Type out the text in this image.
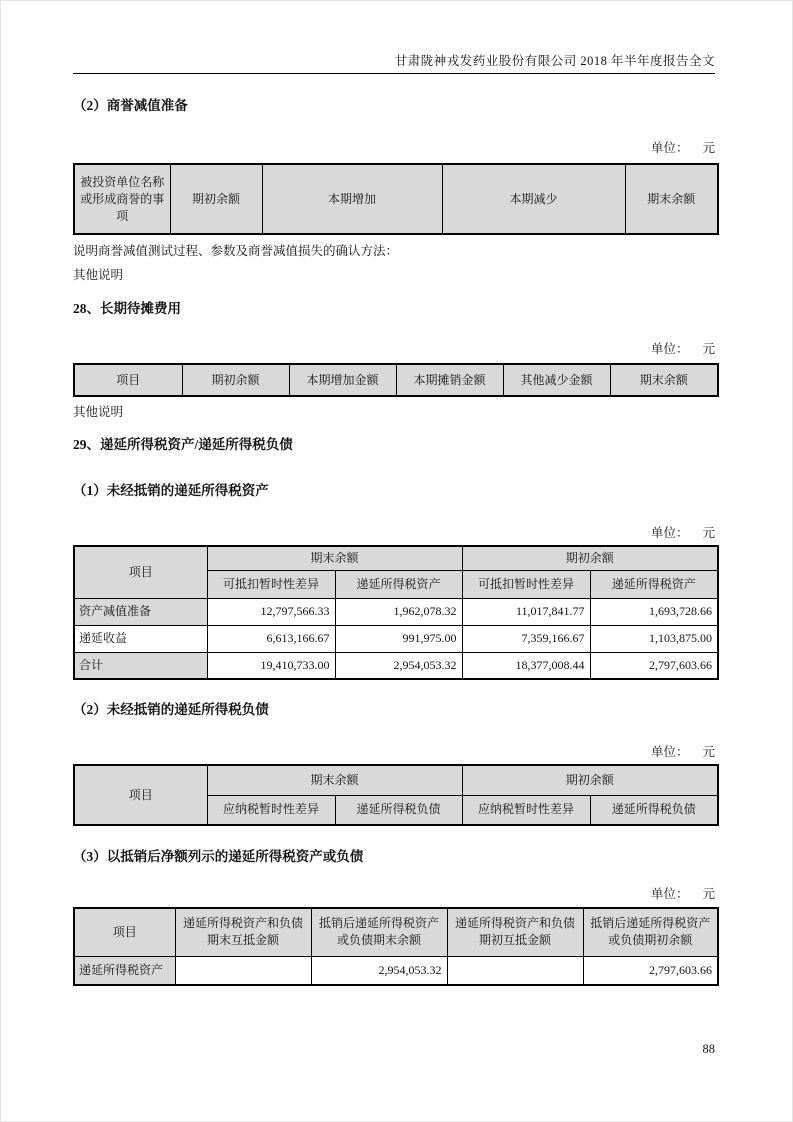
甘肃陇神戎发药业股份有限公司 2018 年半年度报告全文
（2）商誉减值准备
单位： 元
被投资单位名称或形成商誉的事项	期初余额	本期增加	本期减少	期末余额
说明商誉减值测试过程、参数及商誉减值损失的确认方法：
其他说明
28、长期待摊费用
单位： 元
项目	期初余额	本期增加金额	本期摊销金额	其他减少金额	期末余额
其他说明
29、递延所得税资产/递延所得税负债
（1）未经抵销的递延所得税资产
单位： 元
项目	期末余额		期初余额	
	可抵扣暂时性差异	递延所得税资产	可抵扣暂时性差异	递延所得税资产
资产减值准备	12,797,566.33	1,962,078.32	11,017,841.77	1,693,728.66
递延收益	6,613,166.67	991,975.00	7,359,166.67	1,103,875.00
合计	19,410,733.00	2,954,053.32	18,377,008.44	2,797,603.66
（2）未经抵销的递延所得税负债
单位： 元
项目	期末余额		期初余额	
	应纳税暂时性差异	递延所得税负债	应纳税暂时性差异	递延所得税负债
（3）以抵销后净额列示的递延所得税资产或负债
单位： 元
项目	递延所得税资产和负债期末互抵金额	抵销后递延所得税资产或负债期末余额	递延所得税资产和负债期初互抵金额	抵销后递延所得税资产或负债期初余额
递延所得税资产		2,954,053.32		2,797,603.66
88
